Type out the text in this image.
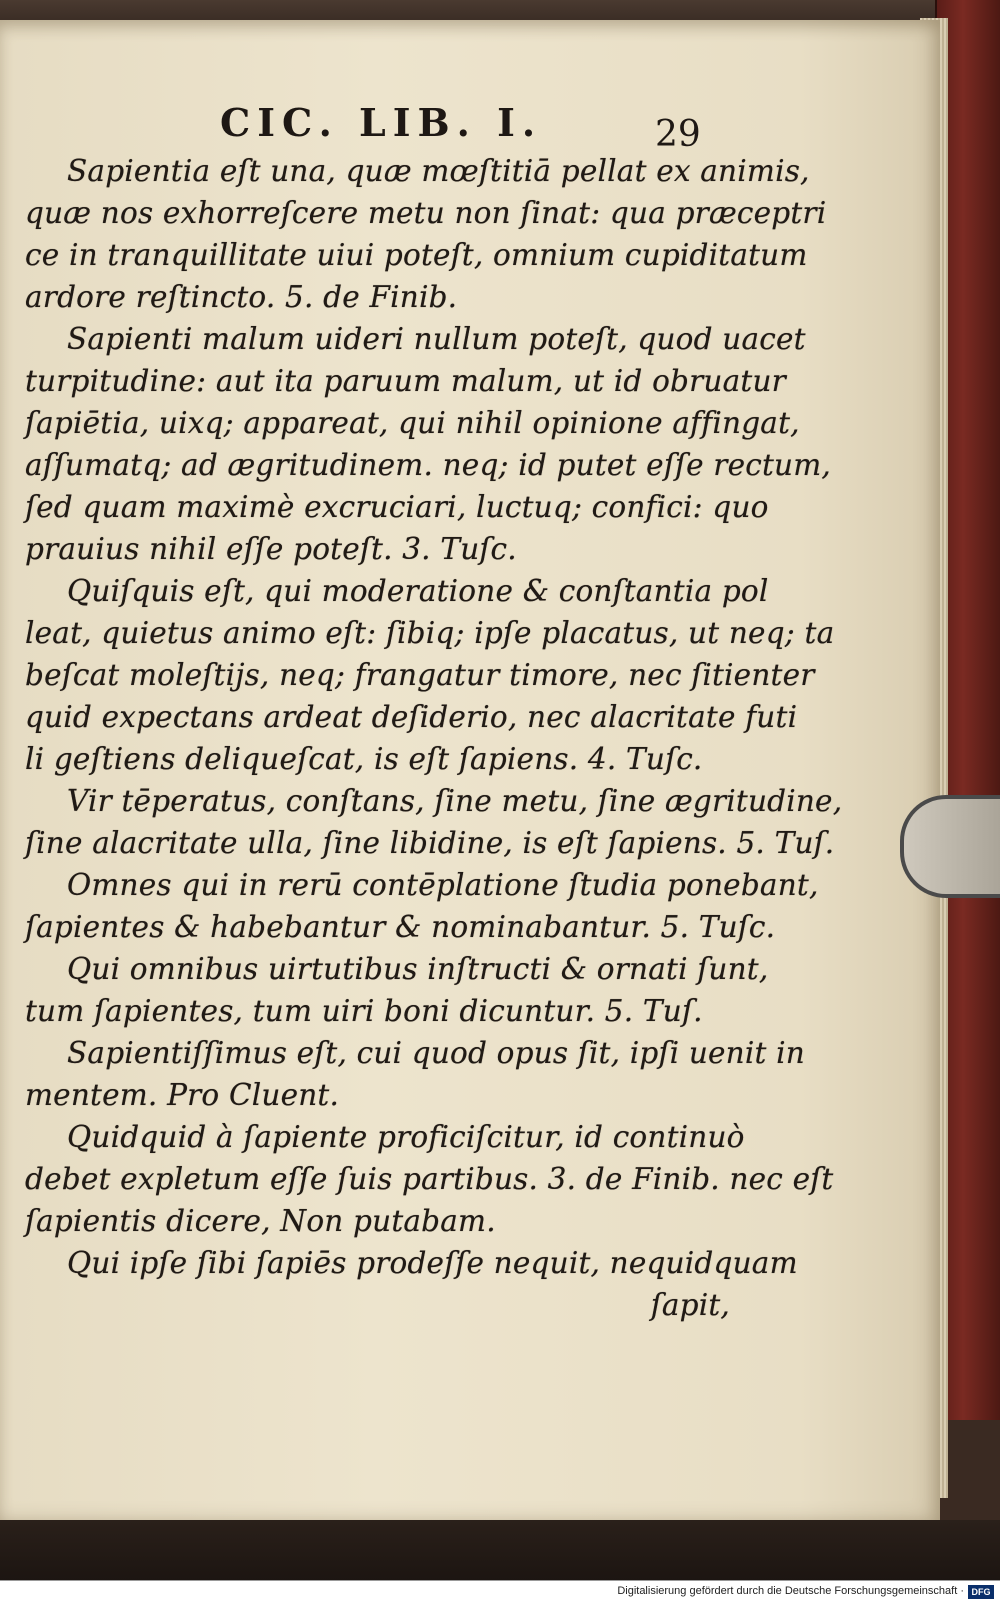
CIC. LIB. I.	29
Sapientia eſt una, quæ mœſtitiā pellat ex animis,
quæ nos exhorreſcere metu non ſinat: qua præceptri
ce in tranquillitate uiui poteſt, omnium cupiditatum
ardore reſtincto. 5. de Finib.
Sapienti malum uideri nullum poteſt, quod uacet
turpitudine: aut ita paruum malum, ut id obruatur
ſapiētia, uixq; appareat, qui nihil opinione affingat,
aſſumatq; ad ægritudinem. neq; id putet eſſe rectum,
ſed quam maximè excruciari, luctuq; confici: quo
prauius nihil eſſe poteſt. 3. Tuſc.
Quiſquis eſt, qui moderatione & conſtantia pol
leat, quietus animo eſt: ſibiq; ipſe placatus, ut neq; ta
beſcat moleſtijs, neq; frangatur timore, nec ſitienter
quid expectans ardeat deſiderio, nec alacritate futi
li geſtiens deliqueſcat, is eſt ſapiens. 4. Tuſc.
Vir tēperatus, conſtans, ſine metu, ſine ægritudine,
ſine alacritate ulla, ſine libidine, is eſt ſapiens. 5. Tuſ.
Omnes qui in rerū contēplatione ſtudia ponebant,
ſapientes & habebantur & nominabantur. 5. Tuſc.
Qui omnibus uirtutibus inſtructi & ornati ſunt,
tum ſapientes, tum uiri boni dicuntur. 5. Tuſ.
Sapientiſſimus eſt, cui quod opus ſit, ipſi uenit in
mentem. Pro Cluent.
Quidquid à ſapiente proficiſcitur, id continuò
debet expletum eſſe ſuis partibus. 3. de Finib. nec eſt
ſapientis dicere, Non putabam.
Qui ipſe ſibi ſapiēs prodeſſe nequit, nequidquam
ſapit,
Digitalisierung gefördert durch die Deutsche Forschungsgemeinschaft · DFG
